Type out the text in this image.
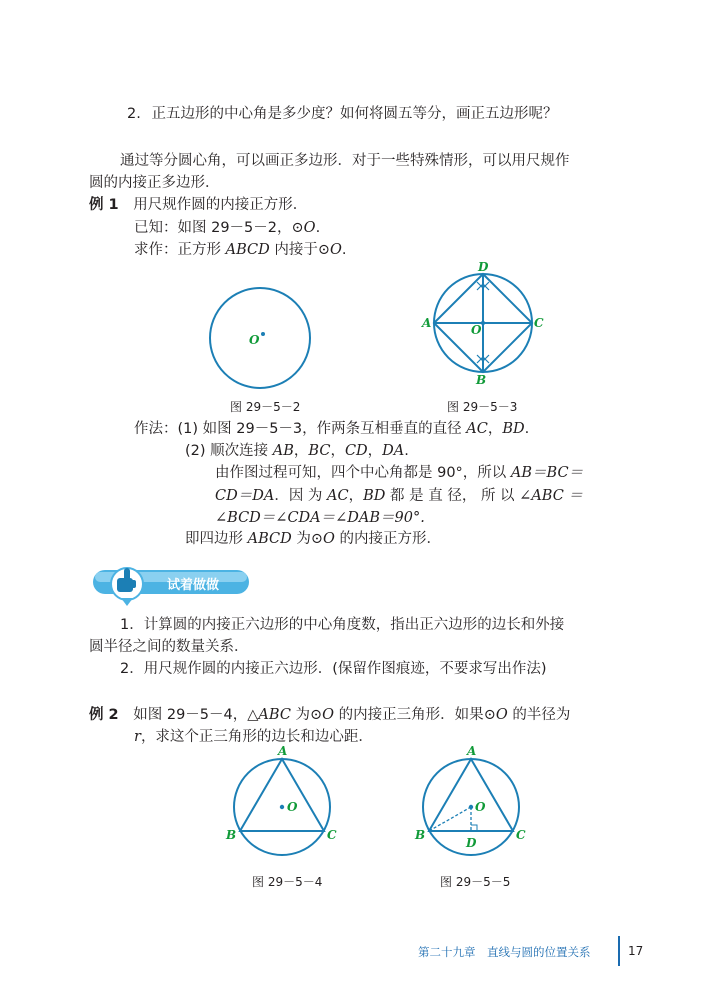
2. 正五边形的中心角是多少度？如何将圆五等分，画正五边形呢？
通过等分圆心角，可以画正多边形．对于一些特殊情形，可以用尺规作
圆的内接正多边形．
例 1 用尺规作圆的内接正方形．
已知：如图 29－5－2，⊙O.
求作：正方形 ABCD 内接于⊙O.
O
图 29－5－2
D
A	C
O
B
图 29－5－3
作法：(1) 如图 29－5－3，作两条互相垂直的直径 AC，BD.
(2) 顺次连接 AB，BC，CD，DA.
由作图过程可知，四个中心角都是 90°，所以 AB＝BC＝
CD＝DA．因 为 AC，BD 都 是 直 径， 所 以 ∠ABC ＝
∠BCD＝∠CDA＝∠DAB＝90°.
即四边形 ABCD 为⊙O 的内接正方形．
试着做做
1．计算圆的内接正六边形的中心角度数，指出正六边形的边长和外接
圆半径之间的数量关系．
2．用尺规作圆的内接正六边形．(保留作图痕迹，不要求写出作法)
例 2 如图 29－5－4，△ABC 为⊙O 的内接正三角形．如果⊙O 的半径为
r，求这个正三角形的边长和边心距．
A
O
B	C
图 29－5－4
A
O
B	C
D
图 29－5－5
第二十九章　直线与圆的位置关系	17
